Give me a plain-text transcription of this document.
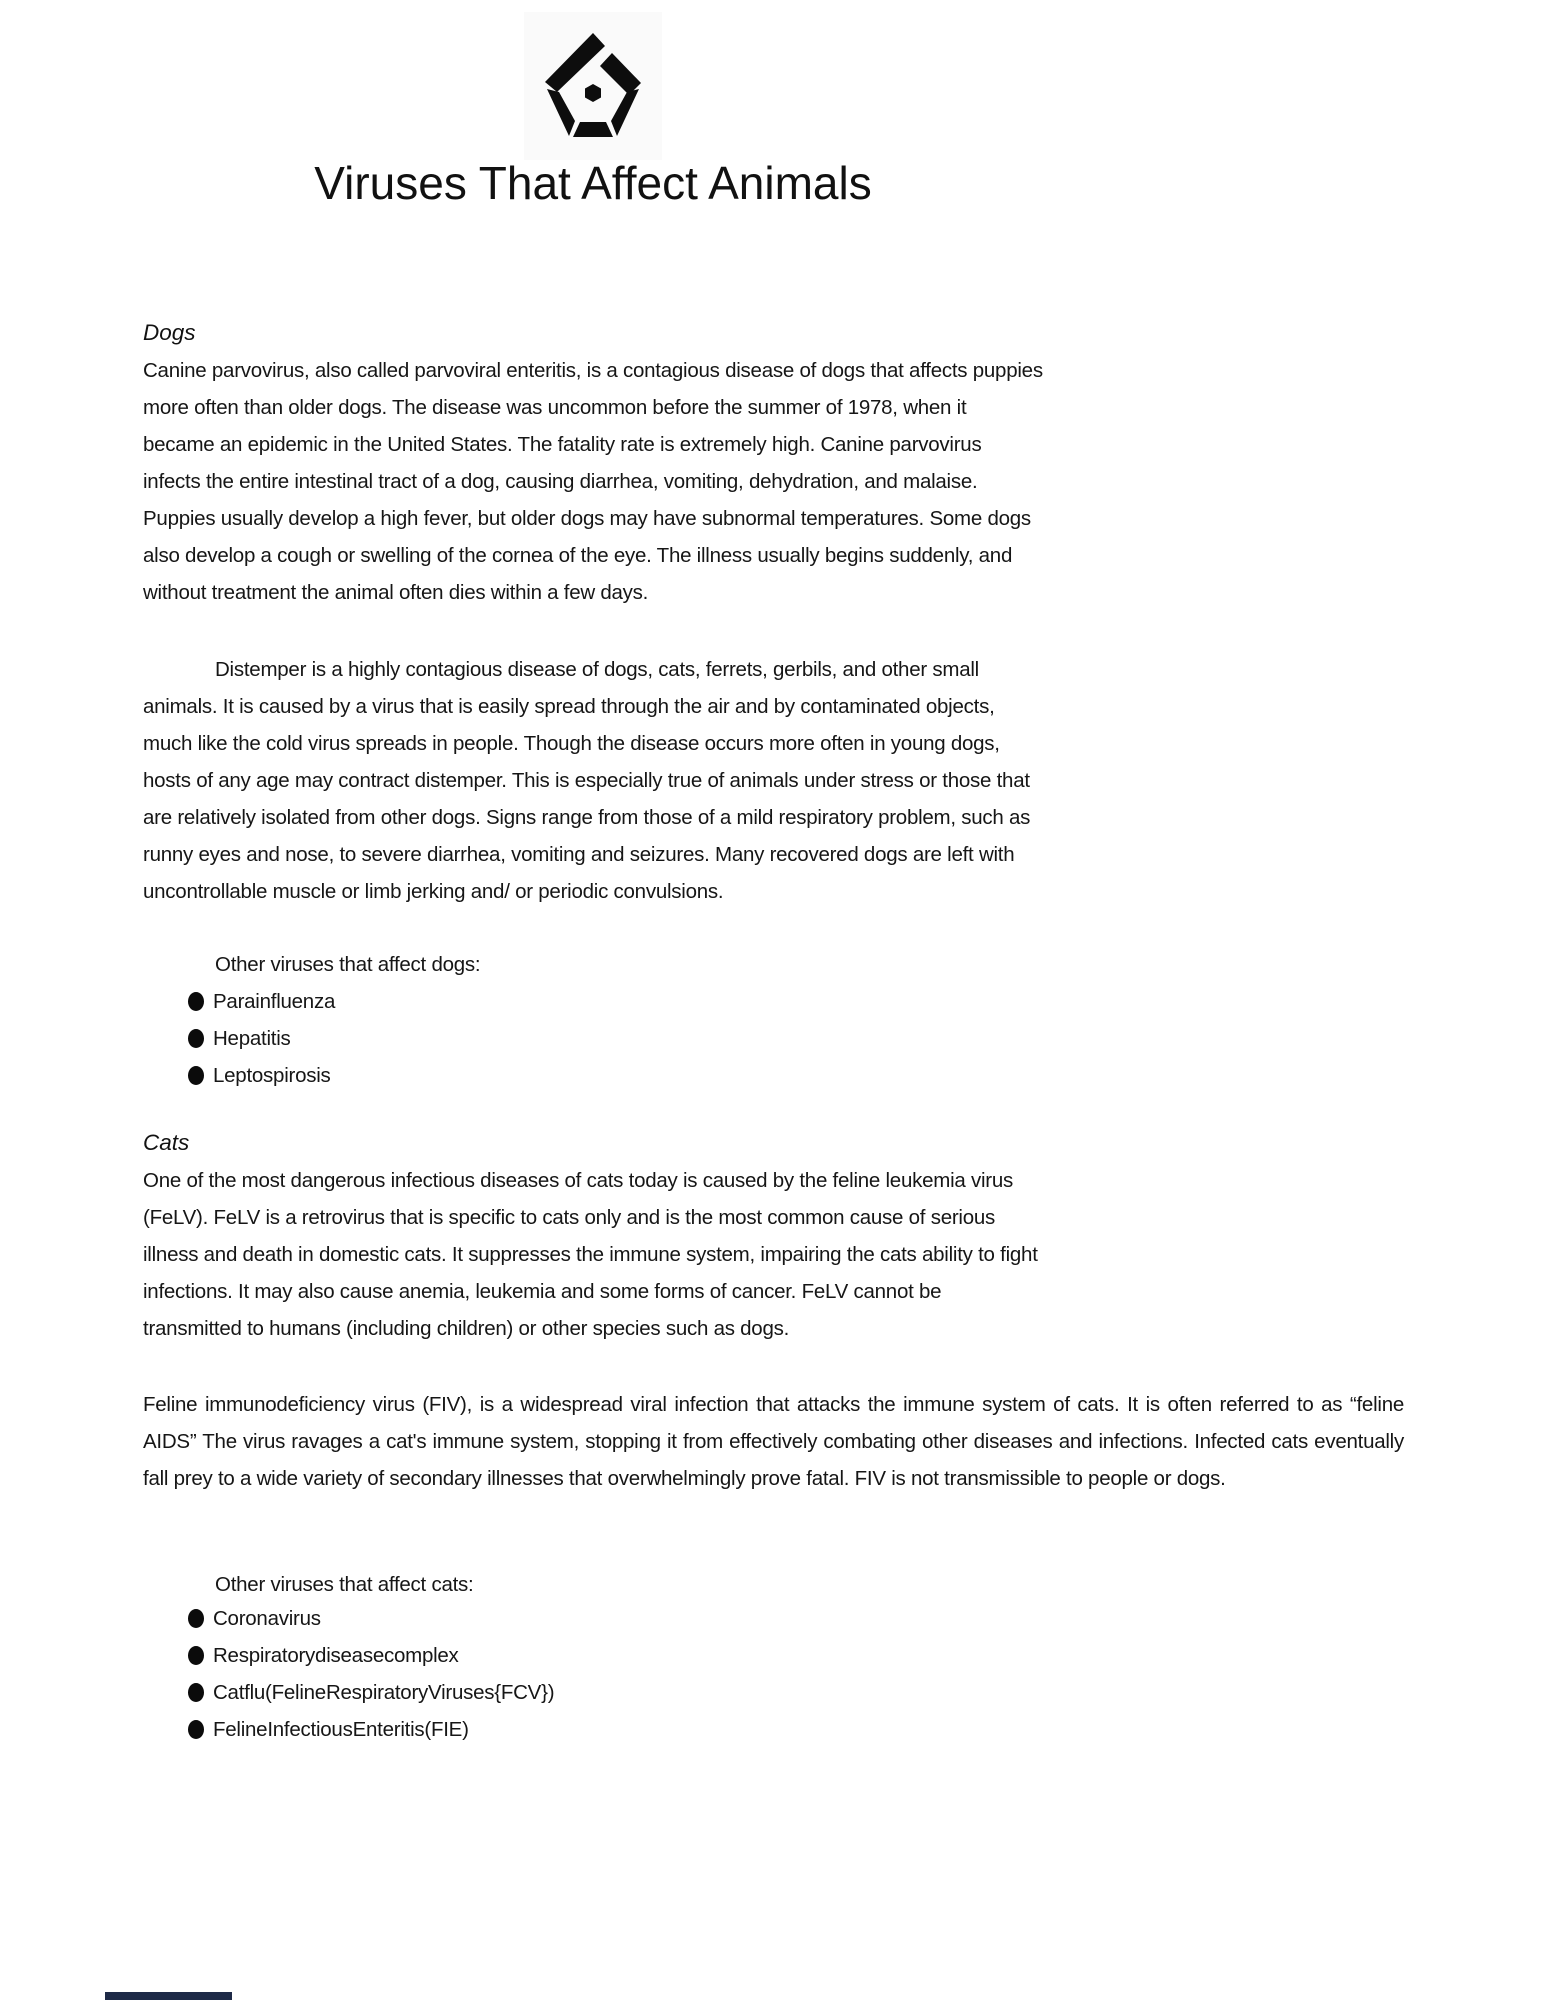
Viruses That Affect Animals
Dogs

Canine parvovirus, also called parvoviral enteritis, is a contagious disease of dogs that affects puppies more often than older dogs. The disease was uncommon before the summer of 1978, when it became an epidemic in the United States. The fatality rate is extremely high. Canine parvovirus infects the entire intestinal tract of a dog, causing diarrhea, vomiting, dehydration, and malaise. Puppies usually develop a high fever, but older dogs may have subnormal temperatures. Some dogs also develop a cough or swelling of the cornea of the eye. The illness usually begins suddenly, and without treatment the animal often dies within a few days.

Distemper is a highly contagious disease of dogs, cats, ferrets, gerbils, and other small animals. It is caused by a virus that is easily spread through the air and by contaminated objects, much like the cold virus spreads in people. Though the disease occurs more often in young dogs, hosts of any age may contract distemper. This is especially true of animals under stress or those that are relatively isolated from other dogs. Signs range from those of a mild respiratory problem, such as runny eyes and nose, to severe diarrhea, vomiting and seizures. Many recovered dogs are left with uncontrollable muscle or limb jerking and/ or periodic convulsions.

Other viruses that affect dogs:

Parainfluenza
Hepatitis
Leptospirosis
Cats

One of the most dangerous infectious diseases of cats today is caused by the feline leukemia virus (FeLV). FeLV is a retrovirus that is specific to cats only and is the most common cause of serious illness and death in domestic cats. It suppresses the immune system, impairing the cats ability to fight infections. It may also cause anemia, leukemia and some forms of cancer. FeLV cannot be transmitted to humans (including children) or other species such as dogs.

Feline immunodeficiency virus (FIV), is a widespread viral infection that attacks the immune system of cats. It is often referred to as “feline AIDS” The virus ravages a cat's immune system, stopping it from effectively combating other diseases and infections. Infected cats eventually fall prey to a wide variety of secondary illnesses that overwhelmingly prove fatal. FIV is not transmissible to people or dogs.

Other viruses that affect cats:

Coronavirus
Respiratorydiseasecomplex
Catflu(FelineRespiratoryViruses{FCV})
FelineInfectiousEnteritis(FIE)
